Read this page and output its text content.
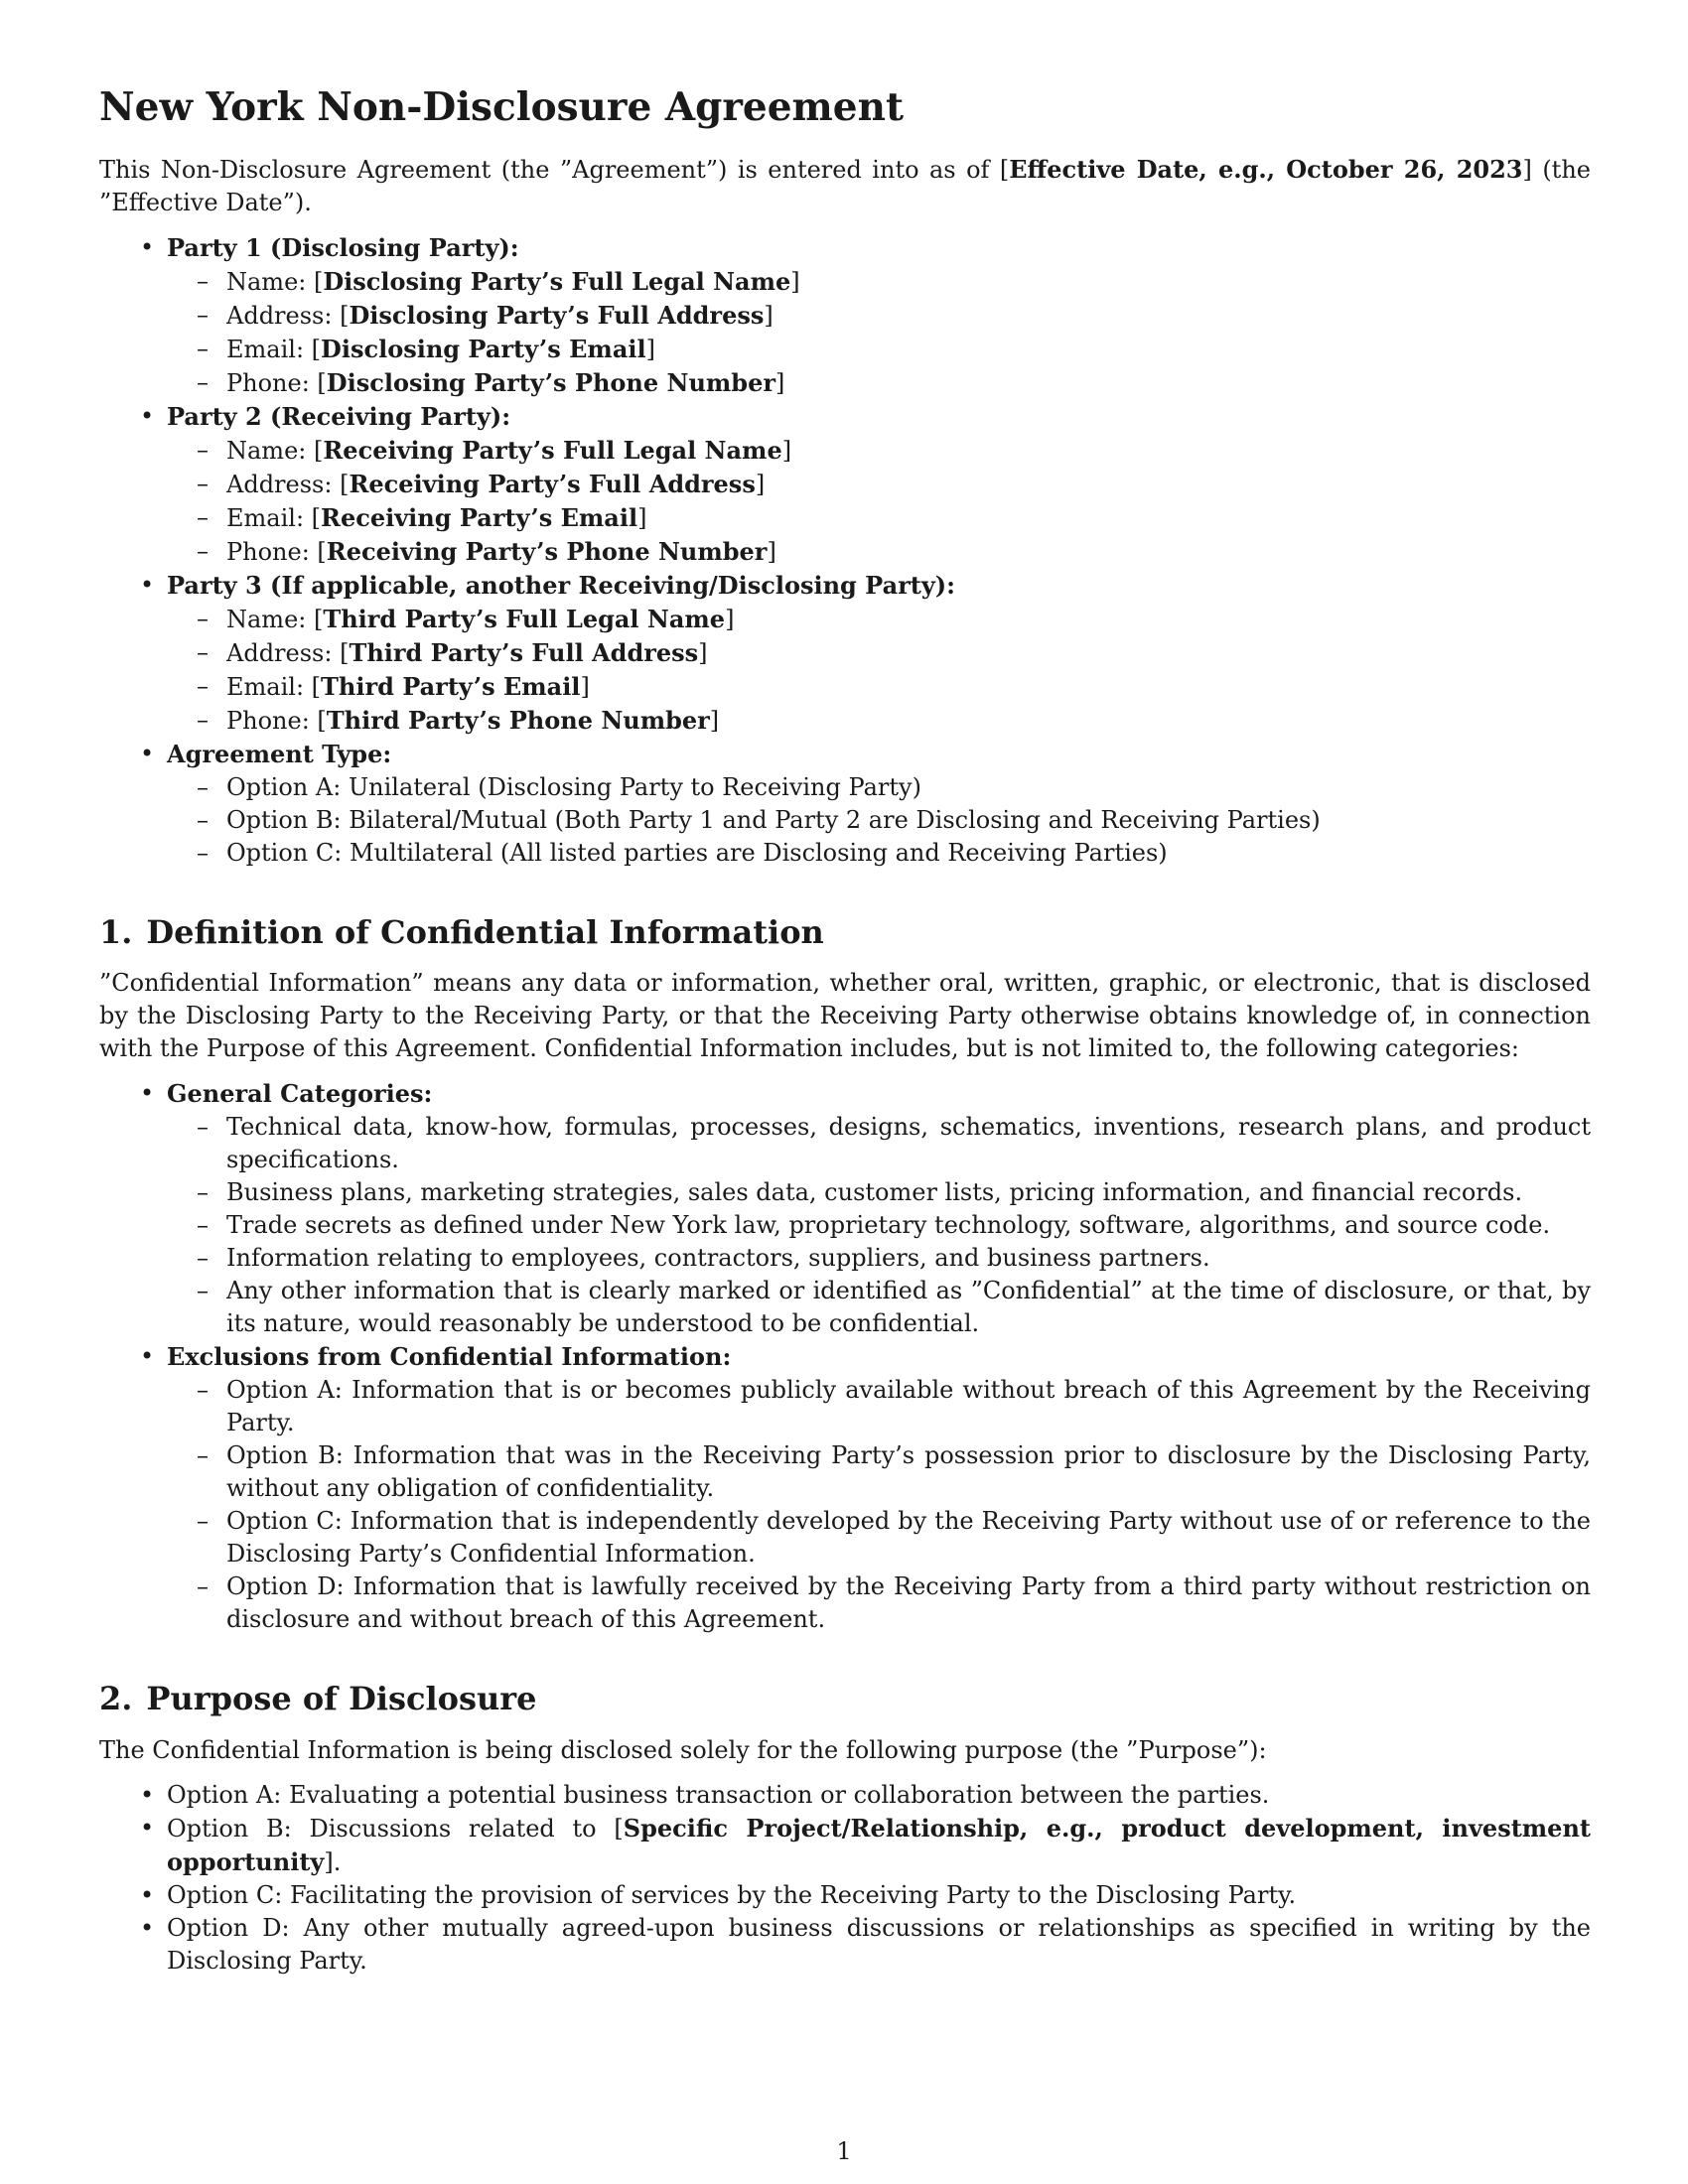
New York Non-Disclosure Agreement

This Non-Disclosure Agreement (the ”Agreement”) is entered into as of [Effective Date, e.g., October 26, 2023] (the ”Effective Date”).

• Party 1 (Disclosing Party):
– Name: [Disclosing Party’s Full Legal Name]
– Address: [Disclosing Party’s Full Address]
– Email: [Disclosing Party’s Email]
– Phone: [Disclosing Party’s Phone Number]
• Party 2 (Receiving Party):
– Name: [Receiving Party’s Full Legal Name]
– Address: [Receiving Party’s Full Address]
– Email: [Receiving Party’s Email]
– Phone: [Receiving Party’s Phone Number]
• Party 3 (If applicable, another Receiving/Disclosing Party):
– Name: [Third Party’s Full Legal Name]
– Address: [Third Party’s Full Address]
– Email: [Third Party’s Email]
– Phone: [Third Party’s Phone Number]
• Agreement Type:
– Option A: Unilateral (Disclosing Party to Receiving Party)
– Option B: Bilateral/Mutual (Both Party 1 and Party 2 are Disclosing and Receiving Parties)
– Option C: Multilateral (All listed parties are Disclosing and Receiving Parties)
1. Definition of Confidential Information

”Confidential Information” means any data or information, whether oral, written, graphic, or electronic, that is disclosed by the Disclosing Party to the Receiving Party, or that the Receiving Party otherwise obtains knowledge of, in connection with the Purpose of this Agreement. Confidential Information includes, but is not limited to, the following categories:

• General Categories:
– Technical data, know-how, formulas, processes, designs, schematics, inventions, research plans, and product specifications.
– Business plans, marketing strategies, sales data, customer lists, pricing information, and financial records.
– Trade secrets as defined under New York law, proprietary technology, software, algorithms, and source code.
– Information relating to employees, contractors, suppliers, and business partners.
– Any other information that is clearly marked or identified as ”Confidential” at the time of disclosure, or that, by its nature, would reasonably be understood to be confidential.
• Exclusions from Confidential Information:
– Option A: Information that is or becomes publicly available without breach of this Agreement by the Receiving Party.
– Option B: Information that was in the Receiving Party’s possession prior to disclosure by the Disclosing Party, without any obligation of confidentiality.
– Option C: Information that is independently developed by the Receiving Party without use of or reference to the Disclosing Party’s Confidential Information.
– Option D: Information that is lawfully received by the Receiving Party from a third party without restriction on disclosure and without breach of this Agreement.
2. Purpose of Disclosure

The Confidential Information is being disclosed solely for the following purpose (the ”Purpose”):

• Option A: Evaluating a potential business transaction or collaboration between the parties.
• Option B: Discussions related to [Specific Project/Relationship, e.g., product development, investment opportunity].
• Option C: Facilitating the provision of services by the Receiving Party to the Disclosing Party.
• Option D: Any other mutually agreed-upon business discussions or relationships as specified in writing by the Disclosing Party.
1
